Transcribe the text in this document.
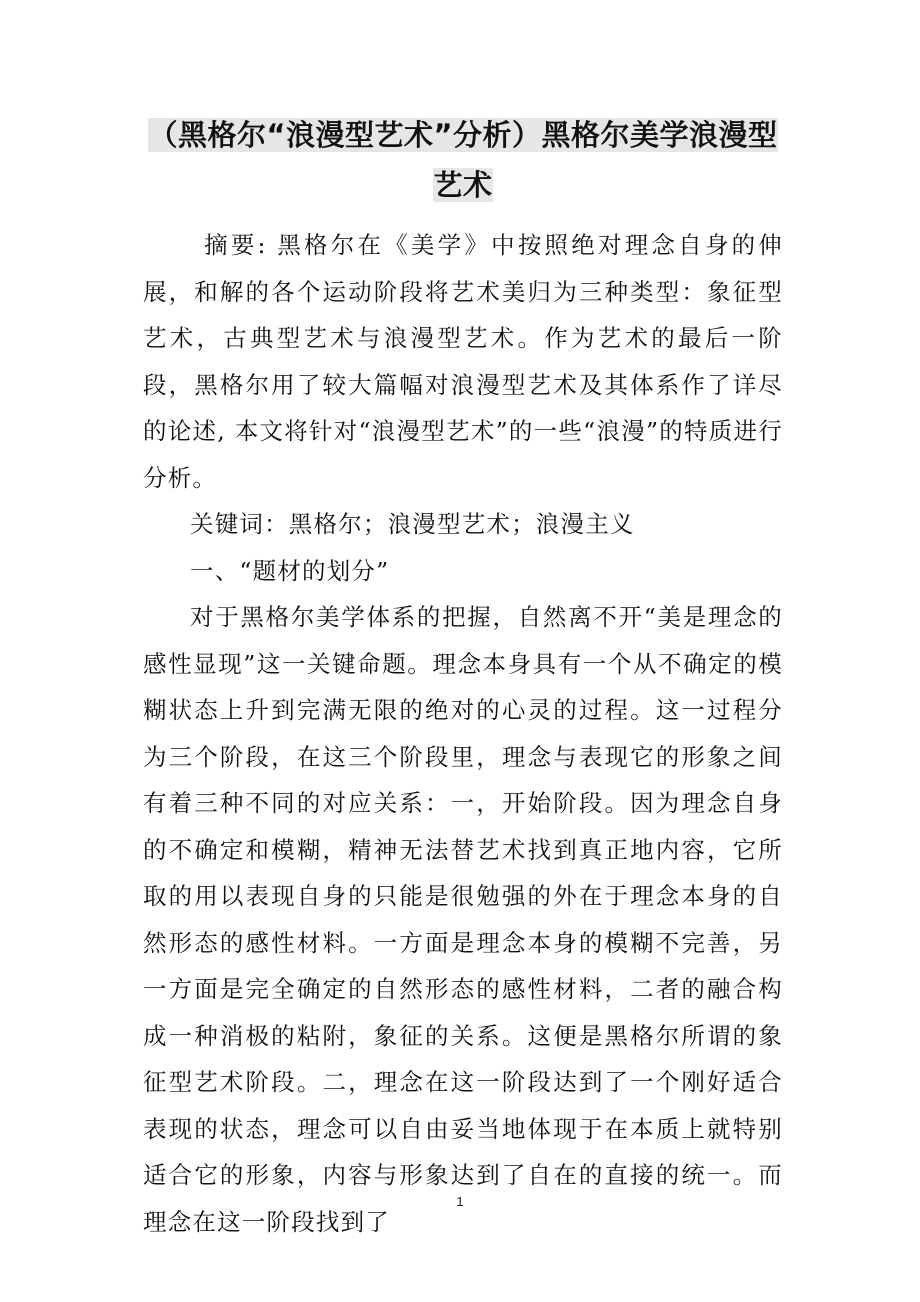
（黑格尔“浪漫型艺术”分析）黑格尔美学浪漫型艺术

摘要: 黑格尔在《美学》中按照绝对理念自身的伸展，和解的各个运动阶段将艺术美归为三种类型：象征型艺术，古典型艺术与浪漫型艺术。作为艺术的最后一阶段，黑格尔用了较大篇幅对浪漫型艺术及其体系作了详尽的论述, 本文将针对“浪漫型艺术”的一些“浪漫”的特质进行分析。

关键词：黑格尔；浪漫型艺术；浪漫主义

一、“题材的划分”

对于黑格尔美学体系的把握，自然离不开“美是理念的感性显现”这一关键命题。理念本身具有一个从不确定的模糊状态上升到完满无限的绝对的心灵的过程。这一过程分为三个阶段，在这三个阶段里，理念与表现它的形象之间有着三种不同的对应关系：一，开始阶段。因为理念自身的不确定和模糊，精神无法替艺术找到真正地内容，它所取的用以表现自身的只能是很勉强的外在于理念本身的自然形态的感性材料。一方面是理念本身的模糊不完善，另一方面是完全确定的自然形态的感性材料，二者的融合构成一种消极的粘附，象征的关系。这便是黑格尔所谓的象征型艺术阶段。二，理念在这一阶段达到了一个刚好适合表现的状态，理念可以自由妥当地体现于在本质上就特别适合它的形象，内容与形象达到了自在的直接的统一。而理念在这一阶段找到了

1
